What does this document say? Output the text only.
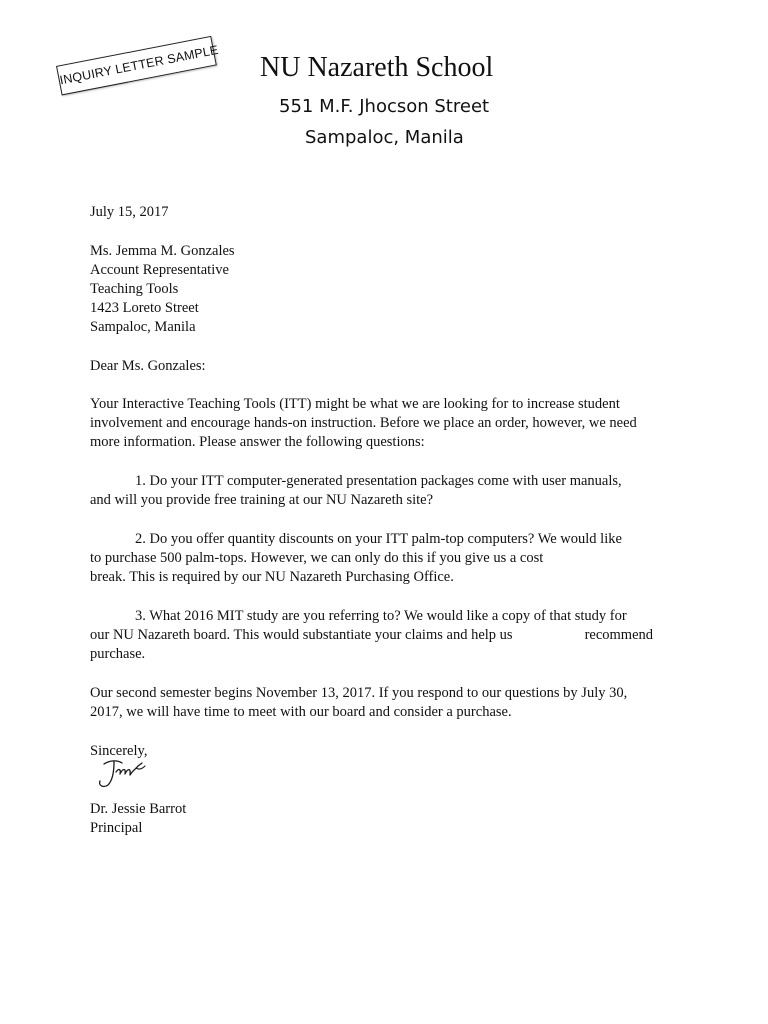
INQUIRY LETTER SAMPLE NU Nazareth School
551 M.F. Jhocson Street
Sampaloc, Manila
July 15, 2017
Ms. Jemma M. Gonzales
Account Representative
Teaching Tools
1423 Loreto Street
Sampaloc, Manila
Dear Ms. Gonzales:
Your Interactive Teaching Tools (ITT) might be what we are looking for to increase student
involvement and encourage hands-on instruction. Before we place an order, however, we need
more information. Please answer the following questions:
1. Do your ITT computer-generated presentation packages come with user manuals,
and will you provide free training at our NU Nazareth site?
2. Do you offer quantity discounts on your ITT palm-top computers? We would like
to purchase 500 palm-tops. However, we can only do this if you give us a cost
break. This is required by our NU Nazareth Purchasing Office.
3. What 2016 MIT study are you referring to? We would like a copy of that study for
our NU Nazareth board. This would substantiate your claims and help us	recommend
purchase.
Our second semester begins November 13, 2017. If you respond to our questions by July 30,
2017, we will have time to meet with our board and consider a purchase.
Sincerely,
Dr. Jessie Barrot
Principal
